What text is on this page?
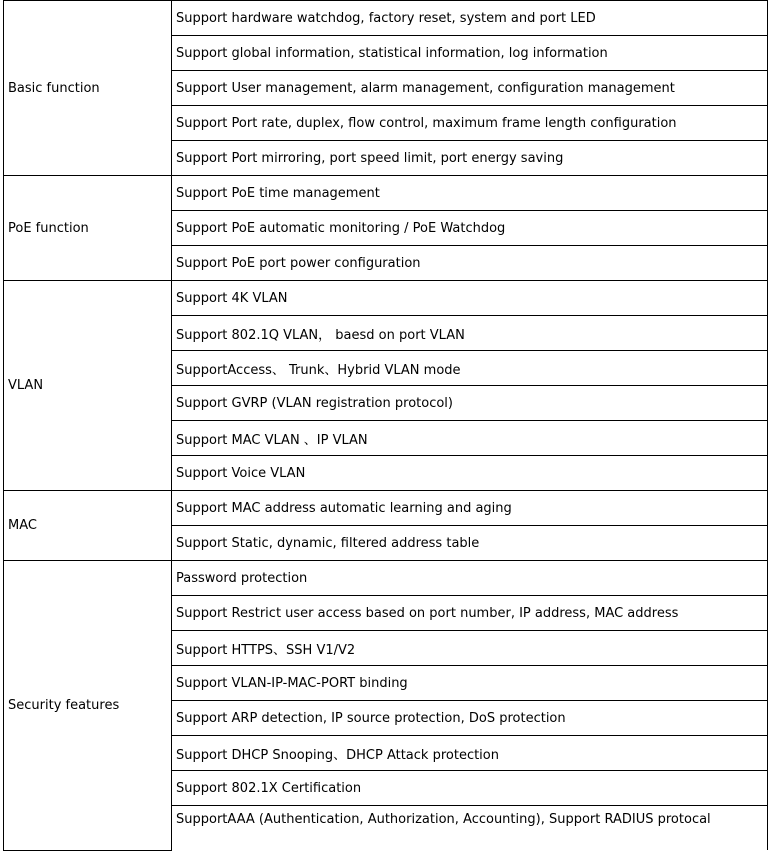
Basic function	Support hardware watchdog, factory reset, system and port LED
	Support global information, statistical information, log information
	Support User management, alarm management, configuration management
	Support Port rate, duplex, flow control, maximum frame length configuration
	Support Port mirroring, port speed limit, port energy saving
PoE function	Support PoE time management
	Support PoE automatic monitoring / PoE Watchdog
	Support PoE port power configuration
VLAN	Support 4K VLAN
	Support 802.1Q VLAN， baesd on port VLAN
	SupportAccess、 Trunk、Hybrid VLAN mode
	Support GVRP (VLAN registration protocol)
	Support MAC VLAN 、IP VLAN
	Support Voice VLAN
MAC	Support MAC address automatic learning and aging
	Support Static, dynamic, filtered address table
Security features	Password protection
	Support Restrict user access based on port number, IP address, MAC address
	Support HTTPS、SSH V1/V2
	Support VLAN-IP-MAC-PORT binding
	Support ARP detection, IP source protection, DoS protection
	Support DHCP Snooping、DHCP Attack protection
	Support 802.1X Certification
	SupportAAA (Authentication, Authorization, Accounting), Support RADIUS protocal
